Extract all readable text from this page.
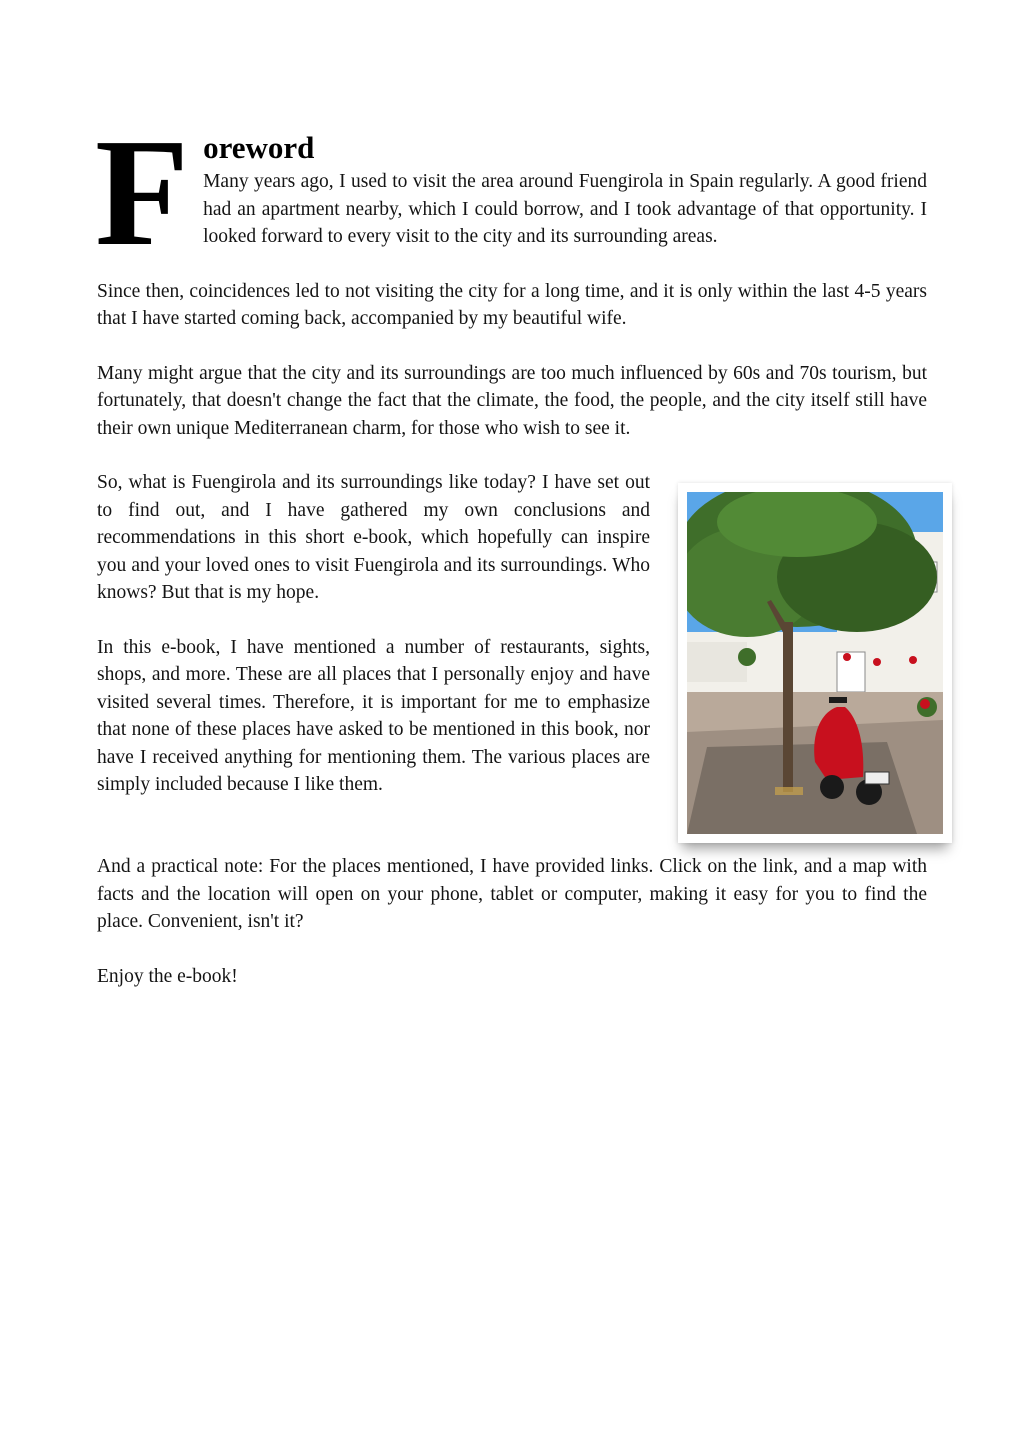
F oreword

Many years ago, I used to visit the area around Fuengirola in Spain regularly. A good friend had an apartment nearby, which I could borrow, and I took advantage of that opportunity. I looked forward to every visit to the city and its surrounding areas.

Since then, coincidences led to not visiting the city for a long time, and it is only within the last 4-5 years that I have started coming back, accompanied by my beautiful wife.

Many might argue that the city and its surroundings are too much influenced by 60s and 70s tourism, but fortunately, that doesn't change the fact that the climate, the food, the people, and the city itself still have their own unique Mediterranean charm, for those who wish to see it.

So, what is Fuengirola and its surroundings like today? I have set out to find out, and I have gathered my own conclusions and recommendations in this short e-book, which hopefully can inspire you and your loved ones to visit Fuengirola and its surroundings. Who knows? But that is my hope.

In this e-book, I have mentioned a number of restaurants, sights, shops, and more. These are all places that I personally enjoy and have visited several times. Therefore, it is important for me to emphasize that none of these places have asked to be mentioned in this book, nor have I received anything for mentioning them. The various places are simply included because I like them.

And a practical note: For the places mentioned, I have provided links. Click on the link, and a map with facts and the location will open on your phone, tablet or computer, making it easy for you to find the place. Convenient, isn't it?

Enjoy the e-book!
